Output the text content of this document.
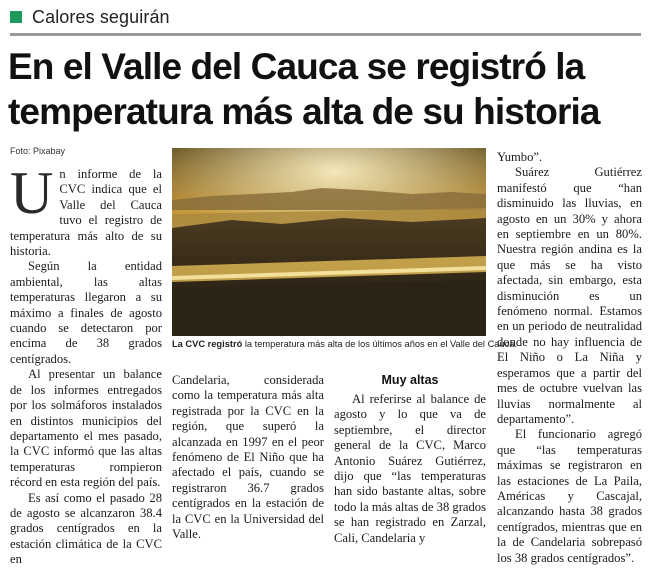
Calores seguirán
En el Valle del Cauca se registró la temperatura más alta de su historia
Foto: Pixabay

Un informe de la CVC indica que el Valle del Cauca tuvo el registro de temperatura más alto de su historia.

Según la entidad ambiental, las altas temperaturas llegaron a su máximo a finales de agosto cuando se detectaron por encima de 38 grados centígrados.

Al presentar un balance de los informes entregados por los solmáforos instalados en distintos municipios del departamento el mes pasado, la CVC informó que las altas temperaturas rompieron récord en esta región del país.

Es así como el pasado 28 de agosto se alcanzaron 38.4 grados centígrados en la estación climática de la CVC en

La CVC registró la temperatura más alta de los últimos años en el Valle del Cauca.

Candelaria, considerada como la temperatura más alta registrada por la CVC en la región, que superó la alcanzada en 1997 en el peor fenómeno de El Niño que ha afectado el país, cuando se registraron 36.7 grados centígrados en la estación de la CVC en la Universidad del Valle.

Muy altas

Al referirse al balance de agosto y lo que va de septiembre, el director general de la CVC, Marco Antonio Suárez Gutiérrez, dijo que “las temperaturas han sido bastante altas, sobre todo la más altas de 38 grados se han registrado en Zarzal, Cali, Candelaria y

Yumbo”.

Suárez Gutiérrez manifestó que “han disminuido las lluvias, en agosto en un 30% y ahora en septiembre en un 80%. Nuestra región andina es la que más se ha visto afectada, sin embargo, esta disminución es un fenómeno normal. Estamos en un periodo de neutralidad donde no hay influencia de El Niño o La Niña y esperamos que a partir del mes de octubre vuelvan las lluvias normalmente al departamento”.

El funcionario agregó que “las temperaturas máximas se registraron en las estaciones de La Paila, Américas y Cascajal, alcanzando hasta 38 grados centígrados, mientras que en la de Candelaria sobrepasó los 38 grados centígrados”.
